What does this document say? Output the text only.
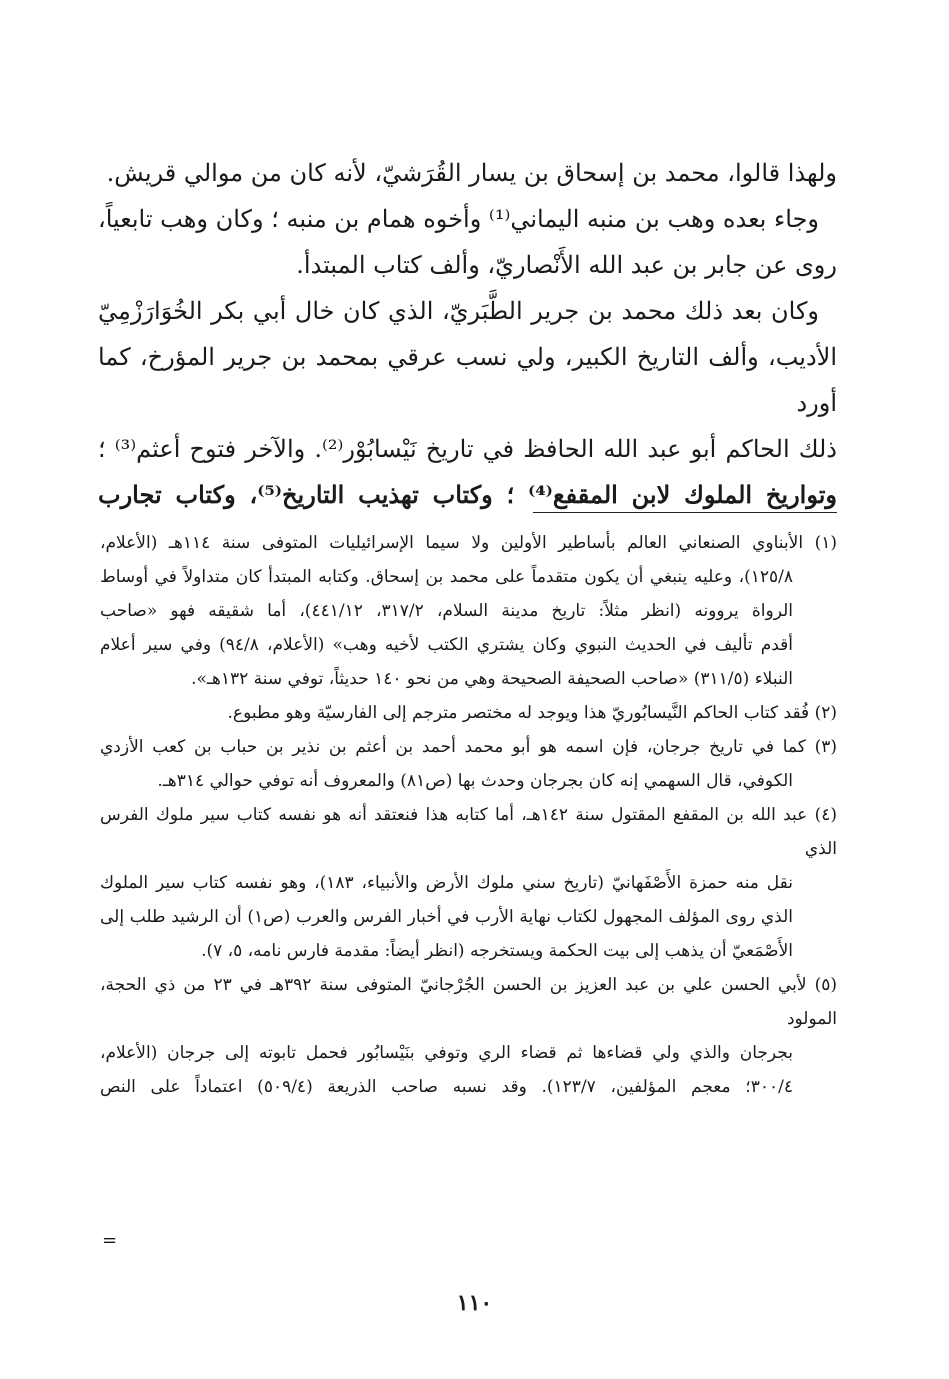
ولهذا قالوا، محمد بن إسحاق بن يسار القُرَشيّ، لأنه كان من موالي قريش.
وجاء بعده وهب بن منبه اليماني⁽¹⁾ وأخوه همام بن منبه ؛ وكان وهب تابعياً،
روى عن جابر بن عبد الله الأَنْصاريّ، وألف كتاب المبتدأ.
وكان بعد ذلك محمد بن جرير الطَّبَريّ، الذي كان خال أبي بكر الخُوَارَزْمِيّ
الأديب، وألف التاريخ الكبير، ولي نسب عرقي بمحمد بن جرير المؤرخ، كما أورد
ذلك الحاكم أبو عبد الله الحافظ في تاريخ نَيْسابُوْر⁽²⁾. والآخر فتوح أعثم⁽³⁾ ؛
وتواريخ الملوك لابن المقفع⁽⁴⁾ ؛ وكتاب تهذيب التاريخ⁽⁵⁾، وكتاب تجارب
(١) الأبناوي الصنعاني العالم بأساطير الأولين ولا سيما الإسرائيليات المتوفى سنة ١١٤هـ (الأعلام،
١٢٥/٨)، وعليه ينبغي أن يكون متقدماً على محمد بن إسحاق. وكتابه المبتدأ كان متداولاً في أوساط
الرواة يروونه (انظر مثلاً: تاريخ مدينة السلام، ٣١٧/٢، ٤٤١/١٢)، أما شقيقه فهو «صاحب
أقدم تأليف في الحديث النبوي وكان يشتري الكتب لأخيه وهب» (الأعلام، ٩٤/٨) وفي سير أعلام
النبلاء (٣١١/٥) «صاحب الصحيفة الصحيحة وهي من نحو ١٤٠ حديثاً، توفي سنة ١٣٢هـ».
(٢) فُقد كتاب الحاكم النَّيسابُوريّ هذا ويوجد له مختصر مترجم إلى الفارسيّة وهو مطبوع.
(٣) كما في تاريخ جرجان، فإن اسمه هو أبو محمد أحمد بن أعثم بن نذير بن حباب بن كعب الأزدي
الكوفي، قال السهمي إنه كان بجرجان وحدث بها (ص٨١) والمعروف أنه توفي حوالي ٣١٤هـ.
(٤) عبد الله بن المقفع المقتول سنة ١٤٢هـ، أما كتابه هذا فنعتقد أنه هو نفسه كتاب سير ملوك الفرس الذي
نقل منه حمزة الأَصْفَهانيّ (تاريخ سني ملوك الأرض والأنبياء، ١٨٣)، وهو نفسه كتاب سير الملوك
الذي روى المؤلف المجهول لكتاب نهاية الأرب في أخبار الفرس والعرب (ص١) أن الرشيد طلب إلى
الأَصْمَعيّ أن يذهب إلى بيت الحكمة ويستخرجه (انظر أيضاً: مقدمة فارس نامه، ٥، ٧).
(٥) لأبي الحسن علي بن عبد العزيز بن الحسن الجُرْجانيّ المتوفى سنة ٣٩٢هـ في ٢٣ من ذي الحجة، المولود
بجرجان والذي ولي قضاءها ثم قضاء الري وتوفي بنَيْسابُور فحمل تابوته إلى جرجان (الأعلام،
٣٠٠/٤؛ معجم المؤلفين، ١٢٣/٧). وقد نسبه صاحب الذريعة (٥٠٩/٤) اعتماداً على النص
=
١١٠
